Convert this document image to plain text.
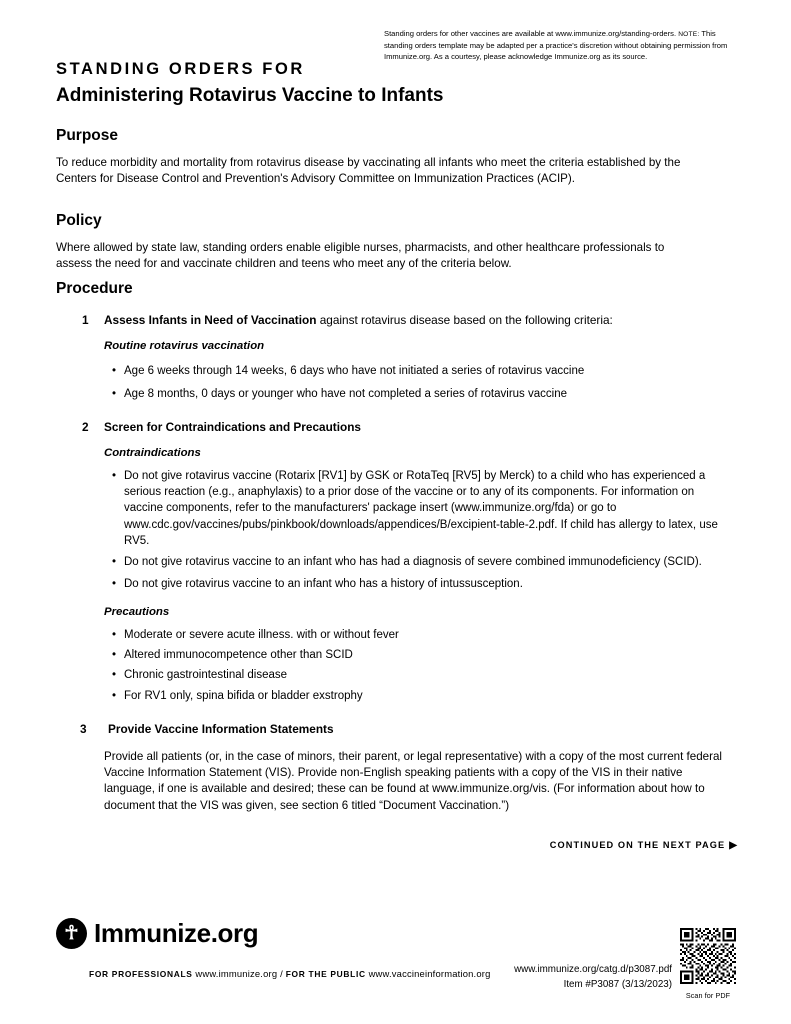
Standing orders for other vaccines are available at www.immunize.org/standing-orders. NOTE: This standing orders template may be adapted per a practice's discretion without obtaining permission from Immunize.org. As a courtesy, please acknowledge Immunize.org as its source.
STANDING ORDERS FOR
Administering Rotavirus Vaccine to Infants
Purpose
To reduce morbidity and mortality from rotavirus disease by vaccinating all infants who meet the criteria established by the Centers for Disease Control and Prevention's Advisory Committee on Immunization Practices (ACIP).
Policy
Where allowed by state law, standing orders enable eligible nurses, pharmacists, and other healthcare professionals to assess the need for and vaccinate children and teens who meet any of the criteria below.
Procedure
1 Assess Infants in Need of Vaccination against rotavirus disease based on the following criteria:
Routine rotavirus vaccination
• Age 6 weeks through 14 weeks, 6 days who have not initiated a series of rotavirus vaccine
• Age 8 months, 0 days or younger who have not completed a series of rotavirus vaccine
2 Screen for Contraindications and Precautions
Contraindications
• Do not give rotavirus vaccine (Rotarix [RV1] by GSK or RotaTeq [RV5] by Merck) to a child who has experienced a serious reaction (e.g., anaphylaxis) to a prior dose of the vaccine or to any of its components. For information on vaccine components, refer to the manufacturers' package insert (www.immunize.org/fda) or go to www.cdc.gov/vaccines/pubs/pinkbook/downloads/appendices/B/excipient-table-2.pdf. If child has allergy to latex, use RV5.
• Do not give rotavirus vaccine to an infant who has had a diagnosis of severe combined immunodeficiency (SCID).
• Do not give rotavirus vaccine to an infant who has a history of intussusception.
Precautions
• Moderate or severe acute illness. with or without fever
• Altered immunocompetence other than SCID
• Chronic gastrointestinal disease
• For RV1 only, spina bifida or bladder exstrophy
3 Provide Vaccine Information Statements
Provide all patients (or, in the case of minors, their parent, or legal representative) with a copy of the most current federal Vaccine Information Statement (VIS). Provide non-English speaking patients with a copy of the VIS in their native language, if one is available and desired; these can be found at www.immunize.org/vis. (For information about how to document that the VIS was given, see section 6 titled “Document Vaccination.”)
CONTINUED ON THE NEXT PAGE ▶
☥ Immunize.org
FOR PROFESSIONALS www.immunize.org / FOR THE PUBLIC www.vaccineinformation.org	www.immunize.org/catg.d/p3087.pdf
Item #P3087 (3/13/2023)
Scan for PDF
